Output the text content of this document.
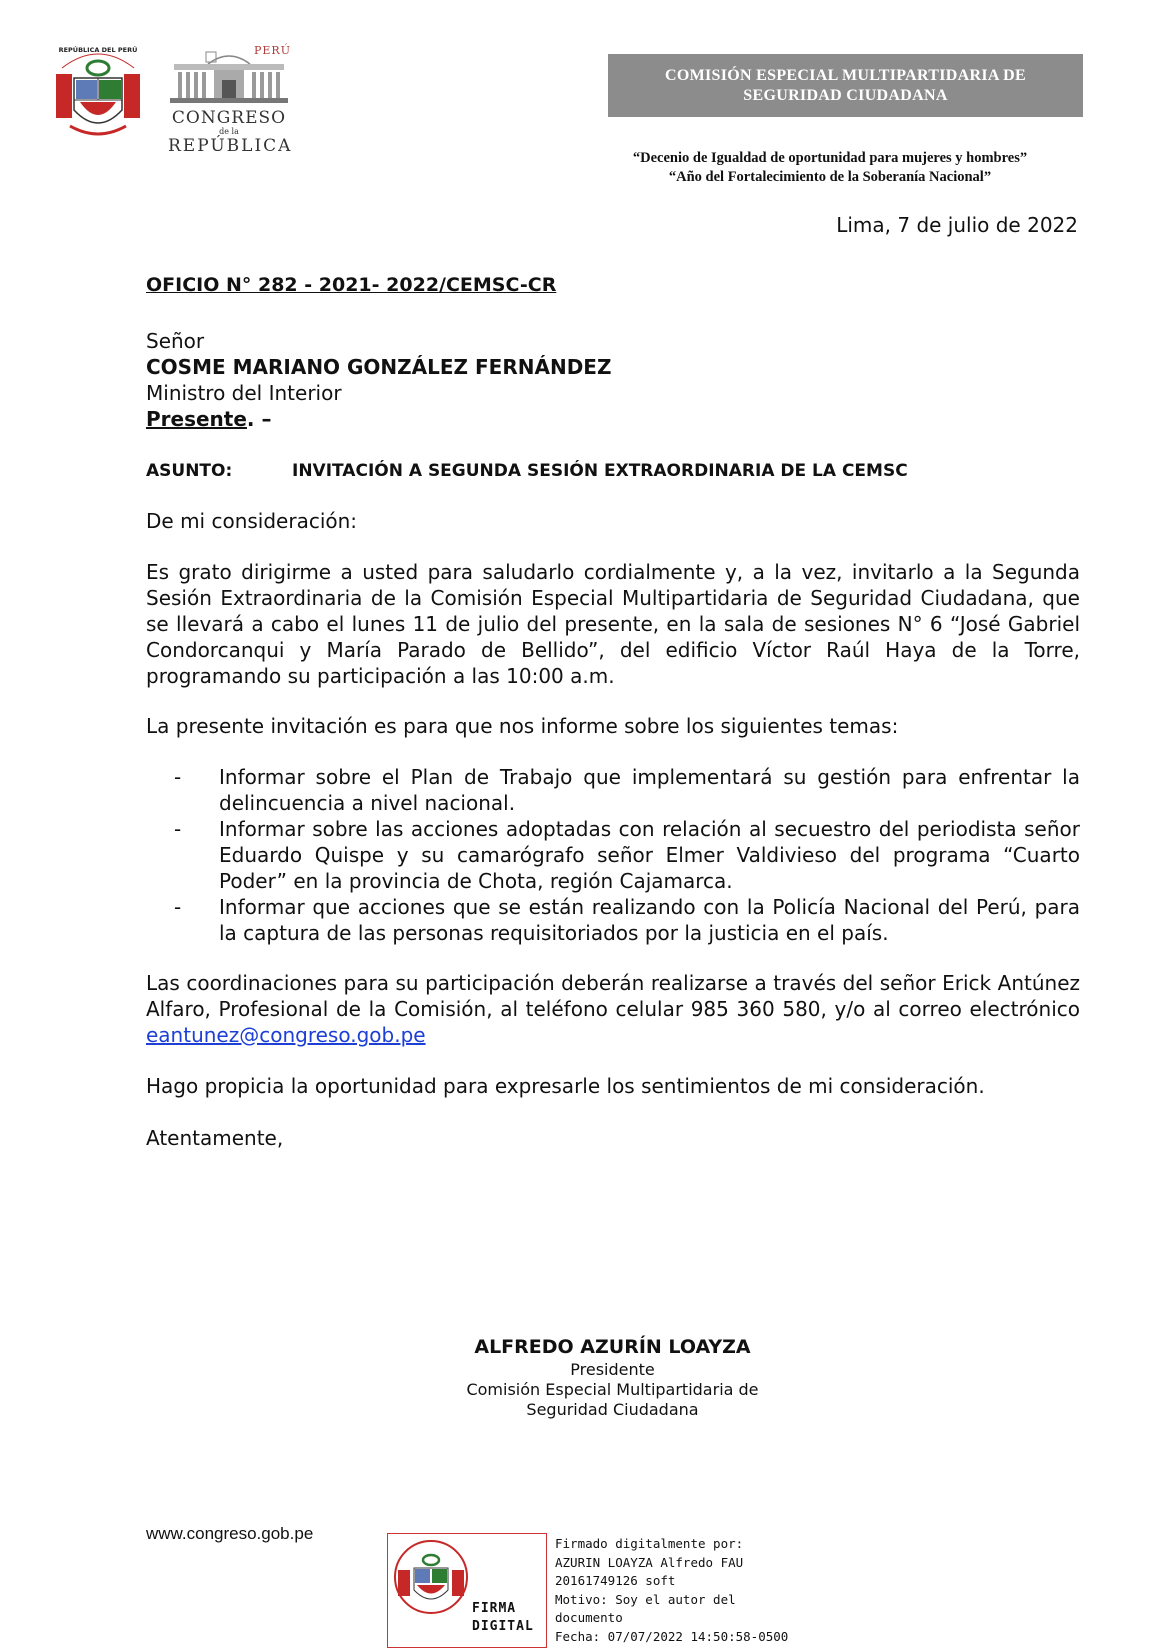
REPÚBLICA DEL PERÚ	PERÚ
CONGRESO
de la
REPÚBLICA
COMISIÓN ESPECIAL MULTIPARTIDARIA DE
SEGURIDAD CIUDADANA
“Decenio de Igualdad de oportunidad para mujeres y hombres”
“Año del Fortalecimiento de la Soberanía Nacional”
Lima, 7 de julio de 2022
OFICIO N° 282 - 2021- 2022/CEMSC-CR
Señor
COSME MARIANO GONZÁLEZ FERNÁNDEZ
Ministro del Interior
Presente. –
ASUNTO:	INVITACIÓN A SEGUNDA SESIÓN EXTRAORDINARIA DE LA CEMSC
De mi consideración:
Es grato dirigirme a usted para saludarlo cordialmente y, a la vez, invitarlo a la Segunda Sesión Extraordinaria de la Comisión Especial Multipartidaria de Seguridad Ciudadana, que se llevará a cabo el lunes 11 de julio del presente, en la sala de sesiones N° 6 “José Gabriel Condorcanqui y María Parado de Bellido”, del edificio Víctor Raúl Haya de la Torre, programando su participación a las 10:00 a.m.
La presente invitación es para que nos informe sobre los siguientes temas:
- Informar sobre el Plan de Trabajo que implementará su gestión para enfrentar la delincuencia a nivel nacional.
- Informar sobre las acciones adoptadas con relación al secuestro del periodista señor Eduardo Quispe y su camarógrafo señor Elmer Valdivieso del programa “Cuarto Poder” en la provincia de Chota, región Cajamarca.
- Informar que acciones que se están realizando con la Policía Nacional del Perú, para la captura de las personas requisitoriados por la justicia en el país.
Las coordinaciones para su participación deberán realizarse a través del señor Erick Antúnez Alfaro, Profesional de la Comisión, al teléfono celular 985 360 580, y/o al correo electrónico eantunez@congreso.gob.pe
Hago propicia la oportunidad para expresarle los sentimientos de mi consideración.
Atentamente,
ALFREDO AZURÍN LOAYZA
Presidente
Comisión Especial Multipartidaria de
Seguridad Ciudadana
www.congreso.gob.pe
FIRMA
DIGITAL
Firmado digitalmente por:
AZURIN LOAYZA Alfredo FAU
20161749126 soft
Motivo: Soy el autor del
documento
Fecha: 07/07/2022 14:50:58-0500
